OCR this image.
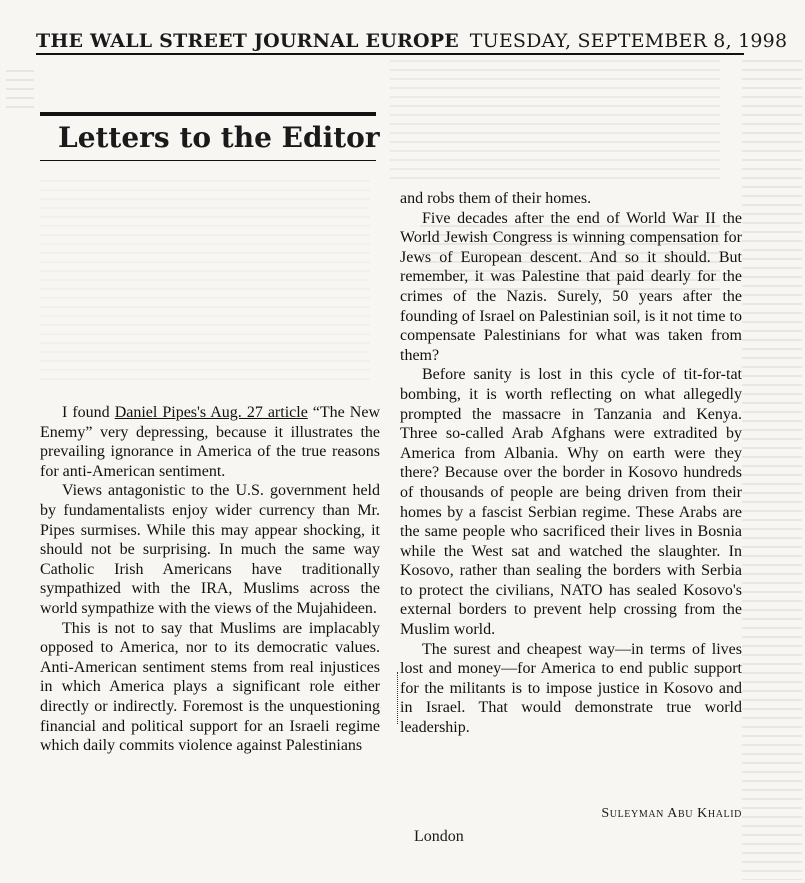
THE WALL STREET JOURNAL EUROPE TUESDAY, SEPTEMBER 8, 1998
Letters to the Editor

I found Daniel Pipes's Aug. 27 article “The New Enemy” very depressing, because it illustrates the prevailing ignorance in America of the true reasons for anti-American sentiment.

Views antagonistic to the U.S. government held by fundamentalists enjoy wider currency than Mr. Pipes surmises. While this may appear shocking, it should not be surprising. In much the same way Catholic Irish Americans have traditionally sympathized with the IRA, Muslims across the world sympathize with the views of the Mujahideen.

This is not to say that Muslims are implacably opposed to America, nor to its democratic values. Anti-American sentiment stems from real injustices in which America plays a significant role either directly or indirectly. Foremost is the unquestioning financial and political support for an Israeli regime which daily commits violence against Palestinians

and robs them of their homes.

Five decades after the end of World War II the World Jewish Congress is winning compensation for Jews of European descent. And so it should. But remember, it was Palestine that paid dearly for the crimes of the Nazis. Surely, 50 years after the founding of Israel on Palestinian soil, is it not time to compensate Palestinians for what was taken from them?

Before sanity is lost in this cycle of tit-for-tat bombing, it is worth reflecting on what allegedly prompted the massacre in Tanzania and Kenya. Three so-called Arab Afghans were extradited by America from Albania. Why on earth were they there? Because over the border in Kosovo hundreds of thousands of people are being driven from their homes by a fascist Serbian regime. These Arabs are the same people who sacrificed their lives in Bosnia while the West sat and watched the slaughter. In Kosovo, rather than sealing the borders with Serbia to protect the civilians, NATO has sealed Kosovo's external borders to prevent help crossing from the Muslim world.

The surest and cheapest way—in terms of lives lost and money—for America to end public support for the militants is to impose justice in Kosovo and in Israel. That would demonstrate true world leadership.

Suleyman Abu Khalid
London
